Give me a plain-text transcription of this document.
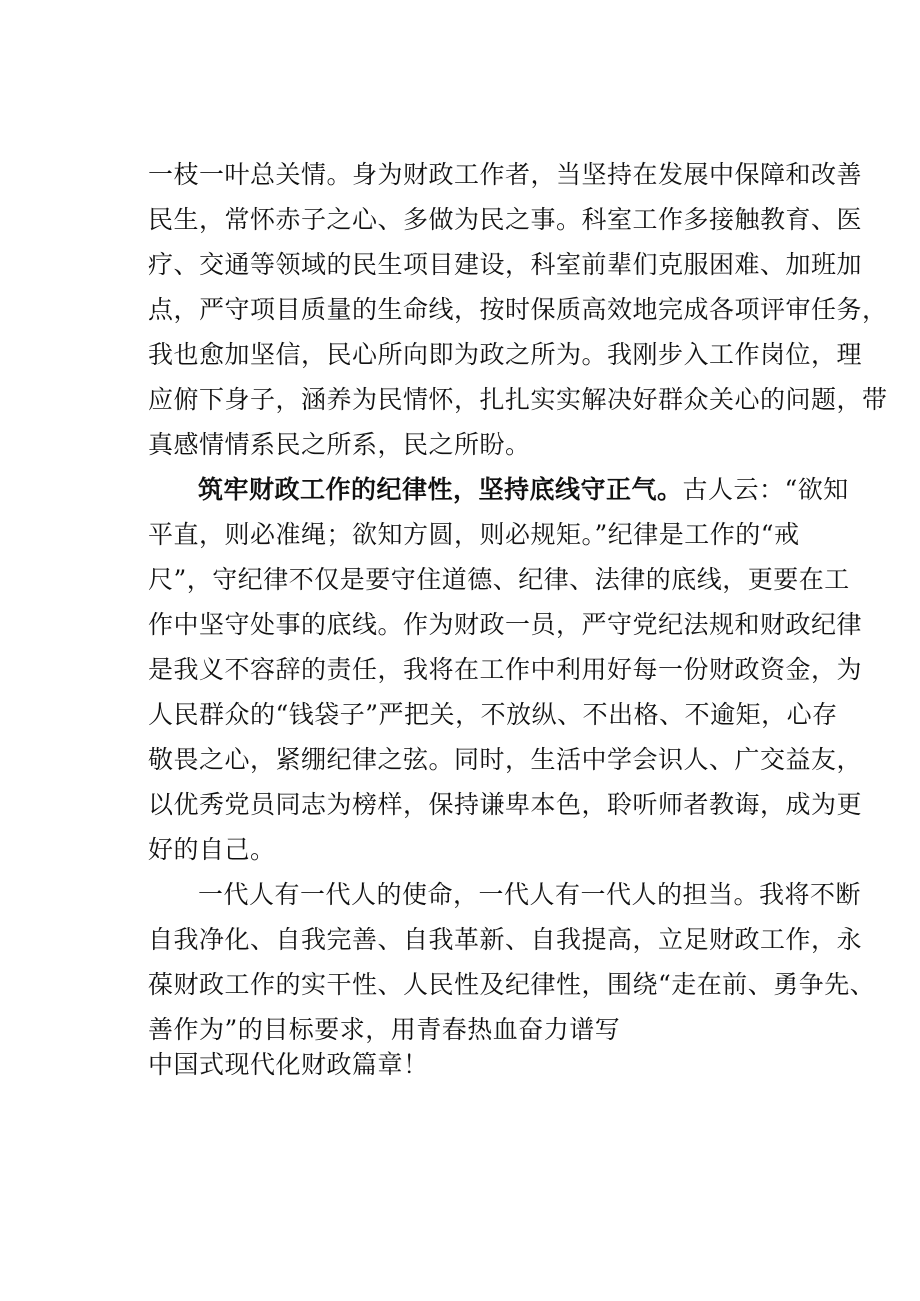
一枝一叶总关情。身为财政工作者，当坚持在发展中保障和改善
民生，常怀赤子之心、多做为民之事。科室工作多接触教育、医
疗、交通等领域的民生项目建设，科室前辈们克服困难、加班加
点，严守项目质量的生命线，按时保质高效地完成各项评审任务，
我也愈加坚信，民心所向即为政之所为。我刚步入工作岗位，理
应俯下身子，涵养为民情怀，扎扎实实解决好群众关心的问题，带
真感情情系民之所系，民之所盼。
筑牢财政工作的纪律性，坚持底线守正气。古人云：“欲知
平直，则必准绳；欲知方圆，则必规矩。”纪律是工作的“戒
尺”，守纪律不仅是要守住道德、纪律、法律的底线，更要在工
作中坚守处事的底线。作为财政一员，严守党纪法规和财政纪律
是我义不容辞的责任，我将在工作中利用好每一份财政资金，为
人民群众的“钱袋子”严把关，不放纵、不出格、不逾矩，心存
敬畏之心，紧绷纪律之弦。同时，生活中学会识人、广交益友，
以优秀党员同志为榜样，保持谦卑本色，聆听师者教诲，成为更
好的自己。
一代人有一代人的使命，一代人有一代人的担当。我将不断
自我净化、自我完善、自我革新、自我提高，立足财政工作，永
葆财政工作的实干性、人民性及纪律性，围绕“走在前、勇争先、
善作为”的目标要求，用青春热血奋力谱写
中国式现代化财政篇章！
